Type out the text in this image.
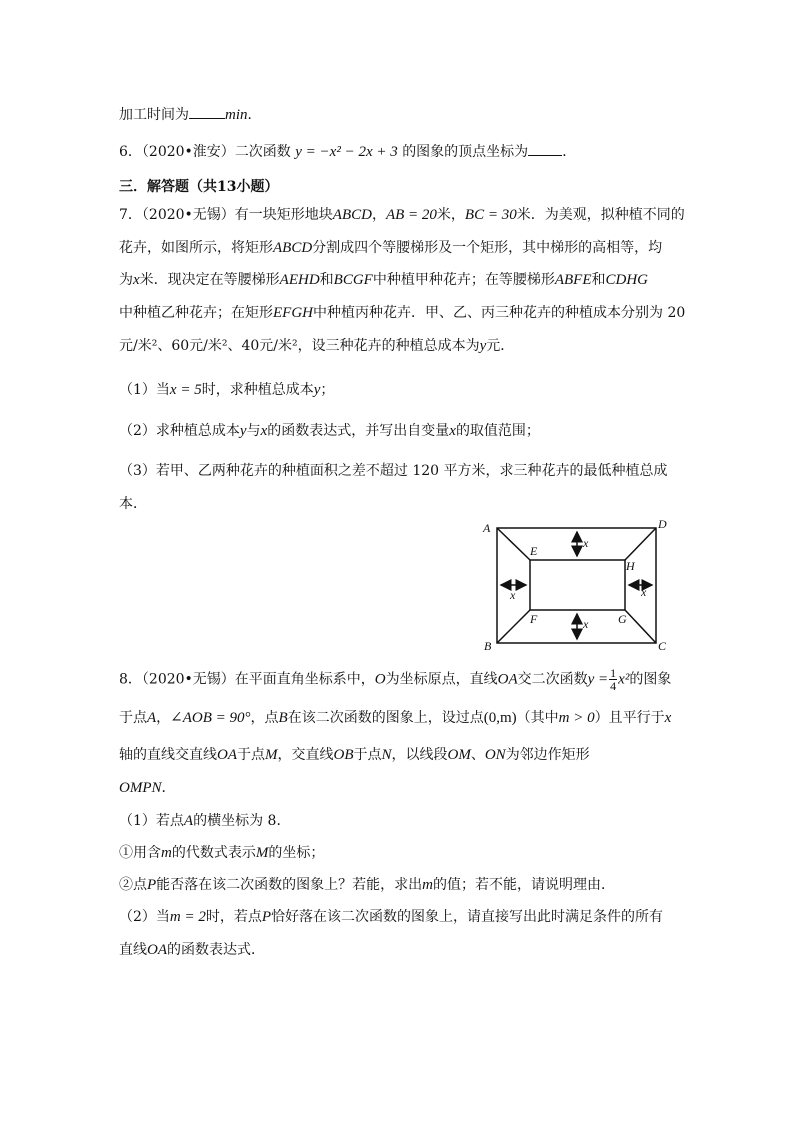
加工时间为 min．
6．（2020•淮安）二次函数 y = −x² − 2x + 3 的图象的顶点坐标为 ．
三．解答题（共13小题）
7．（2020•无锡）有一块矩形地块ABCD，AB = 20米，BC = 30米．为美观，拟种植不同的
花卉，如图所示，将矩形ABCD分割成四个等腰梯形及一个矩形，其中梯形的高相等，均
为x米．现决定在等腰梯形AEHD和BCGF中种植甲种花卉；在等腰梯形ABFE和CDHG
中种植乙种花卉；在矩形EFGH中种植丙种花卉．甲、乙、丙三种花卉的种植成本分别为 20
元/米²、60元/米²、40元/米²，设三种花卉的种植总成本为y元．
（1）当x = 5时，求种植总成本y；
（2）求种植总成本y与x的函数表达式，并写出自变量x的取值范围；
（3）若甲、乙两种花卉的种植面积之差不超过 120 平方米，求三种花卉的最低种植总成
本．
A
B	C
D
E
F	G
H
x
x
x	x
8．（2020•无锡）在平面直角坐标系中，O为坐标原点，直线OA交二次函数$y = \frac{1}{4} x^2$的图象
于点A，∠AOB = 90°，点B在该二次函数的图象上，设过点(0,m)（其中m > 0）且平行于x
轴的直线交直线OA于点M，交直线OB于点N，以线段OM、ON为邻边作矩形
OMPN．
（1）若点A的横坐标为 8．
①用含m的代数式表示M的坐标；
②点P能否落在该二次函数的图象上？若能，求出m的值；若不能，请说明理由．
（2）当m = 2时，若点P恰好落在该二次函数的图象上，请直接写出此时满足条件的所有
直线OA的函数表达式．
